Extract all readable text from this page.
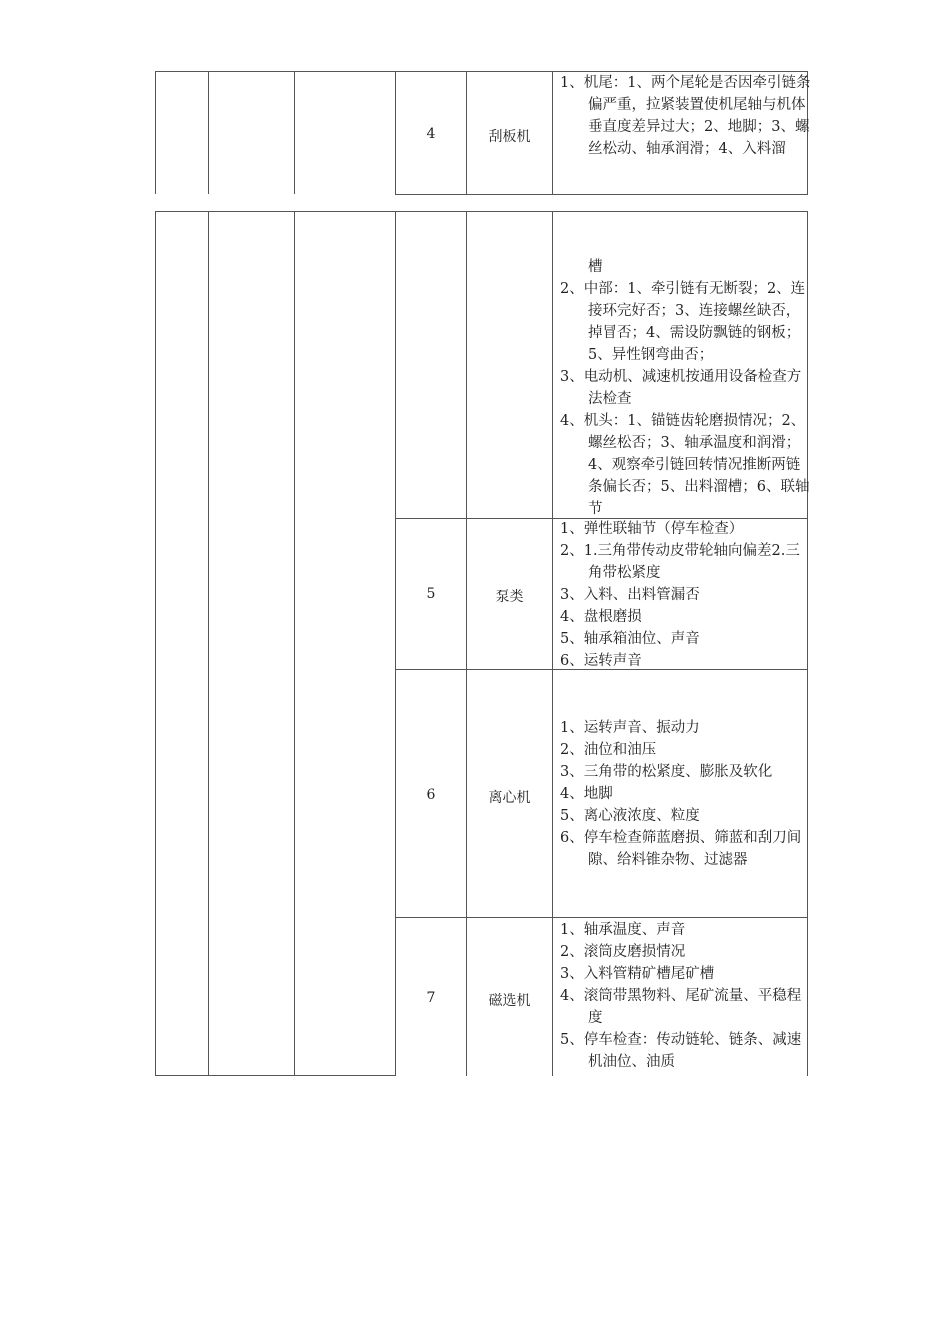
4	刮板机
1、机尾：1、两个尾轮是否因牵引链条偏严重，拉紧装置使机尾轴与机体垂直度差异过大；2、地脚；3、螺丝松动、轴承润滑；4、入料溜
槽
2、中部：1、牵引链有无断裂；2、连接环完好否；3、连接螺丝缺否，掉冒否；4、需设防飘链的钢板；5、异性钢弯曲否；
3、电动机、减速机按通用设备检查方法检查
4、机头：1、锚链齿轮磨损情况；2、螺丝松否；3、轴承温度和润滑；4、观察牵引链回转情况推断两链条偏长否；5、出料溜槽；6、联轴节
5	泵类
1、弹性联轴节（停车检查）
2、1.三角带传动皮带轮轴向偏差2.三角带松紧度
3、入料、出料管漏否
4、盘根磨损
5、轴承箱油位、声音
6、运转声音
6	离心机
1、运转声音、振动力
2、油位和油压
3、三角带的松紧度、膨胀及软化
4、地脚
5、离心液浓度、粒度
6、停车检查筛蓝磨损、筛蓝和刮刀间隙、给料锥杂物、过滤器
7	磁选机
1、轴承温度、声音
2、滚筒皮磨损情况
3、入料管精矿槽尾矿槽
4、滚筒带黑物料、尾矿流量、平稳程度
5、停车检查：传动链轮、链条、减速机油位、油质
